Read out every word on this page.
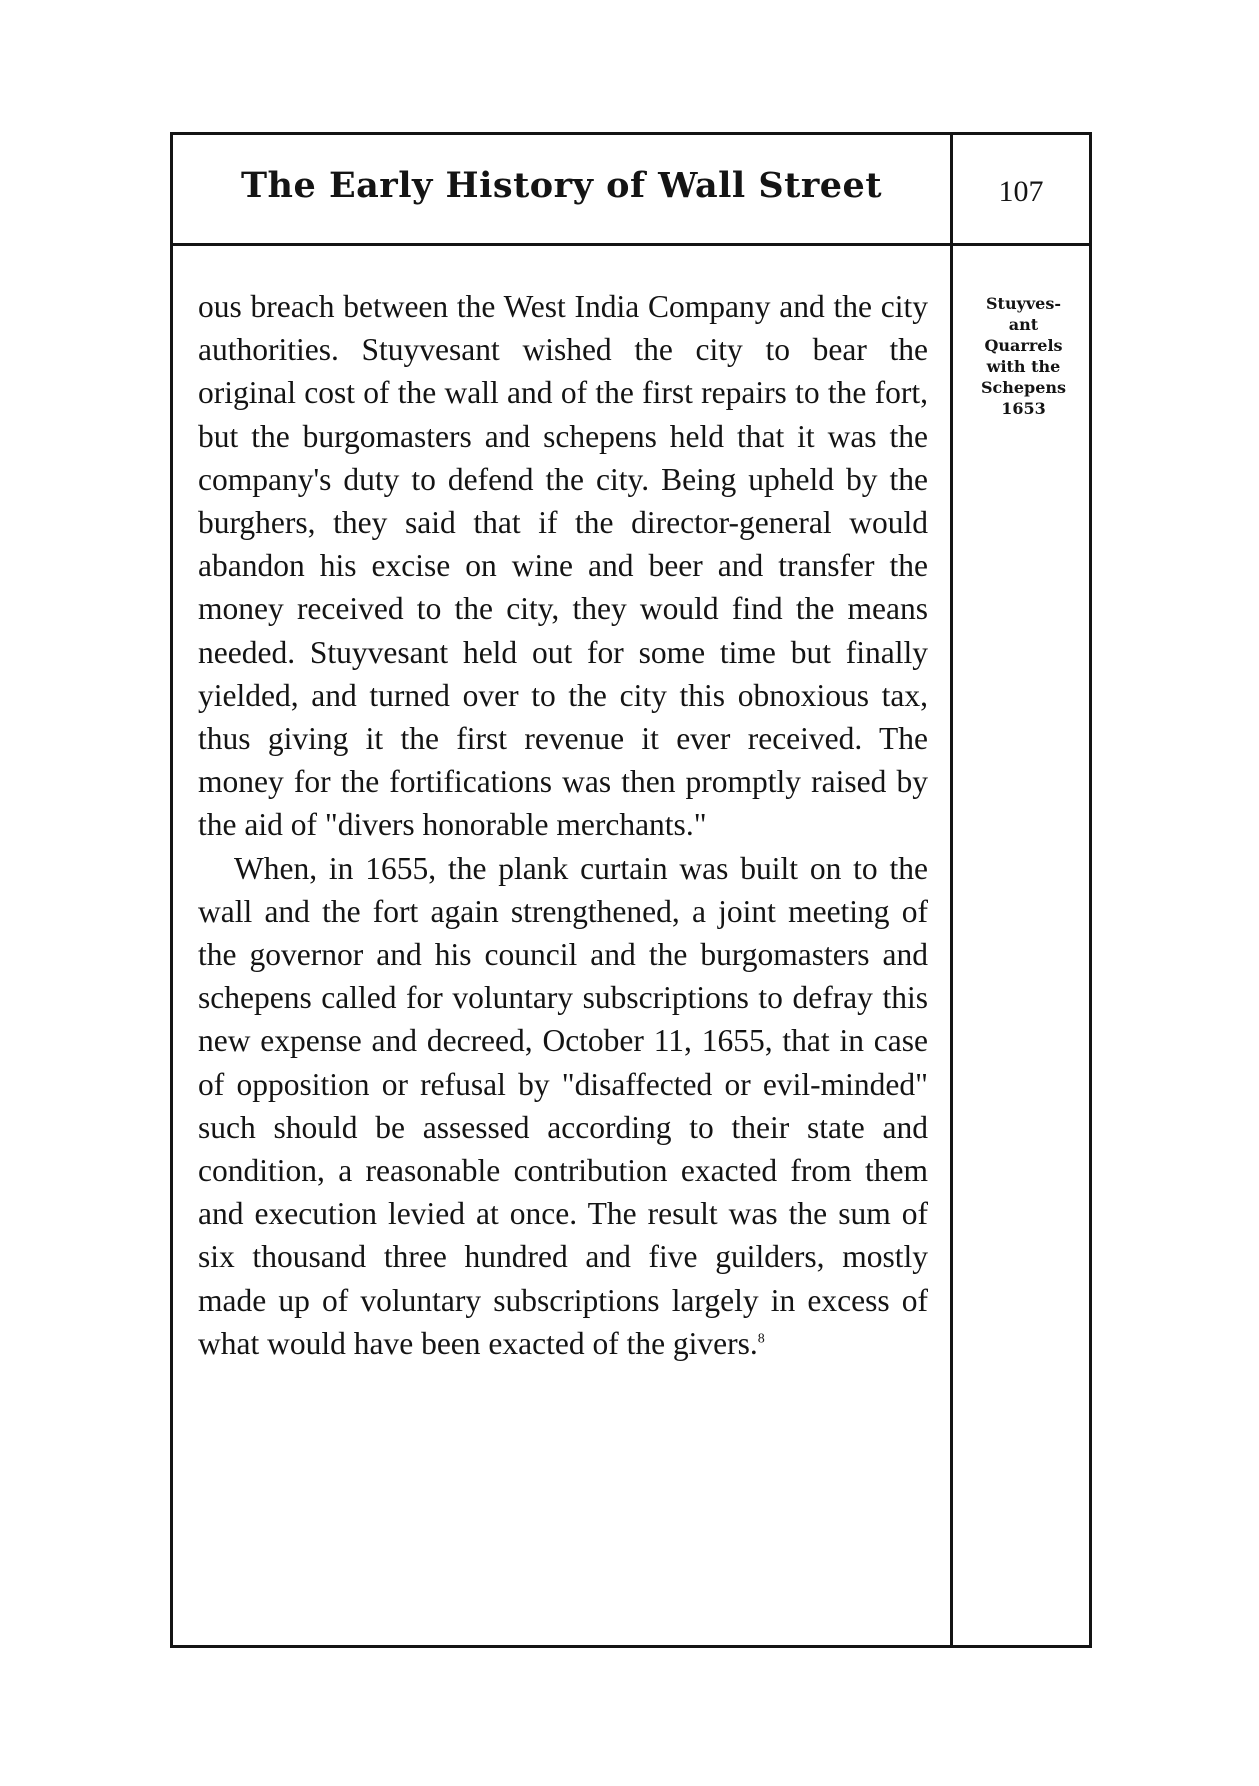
The Early History of Wall Street	107

ous breach between the West India Company and the city authorities. Stuyvesant wished the city to bear the original cost of the wall and of the first repairs to the fort, but the burgomasters and schepens held that it was the company's duty to defend the city. Being upheld by the burghers, they said that if the director-general would abandon his excise on wine and beer and transfer the money received to the city, they would find the means needed. Stuyvesant held out for some time but finally yielded, and turned over to the city this obnoxious tax, thus giving it the first revenue it ever received. The money for the fortifications was then promptly raised by the aid of "divers honorable merchants."

When, in 1655, the plank curtain was built on to the wall and the fort again strengthened, a joint meeting of the governor and his council and the burgomasters and schepens called for voluntary subscriptions to defray this new expense and decreed, October 11, 1655, that in case of opposition or refusal by "disaffected or evil-minded" such should be assessed according to their state and condition, a reasonable contribution exacted from them and execution levied at once. The result was the sum of six thousand three hundred and five guilders, mostly made up of voluntary subscriptions largely in excess of what would have been exacted of the givers.$^8$

Stuyves-
ant
Quarrels
with the
Schepens
1653
